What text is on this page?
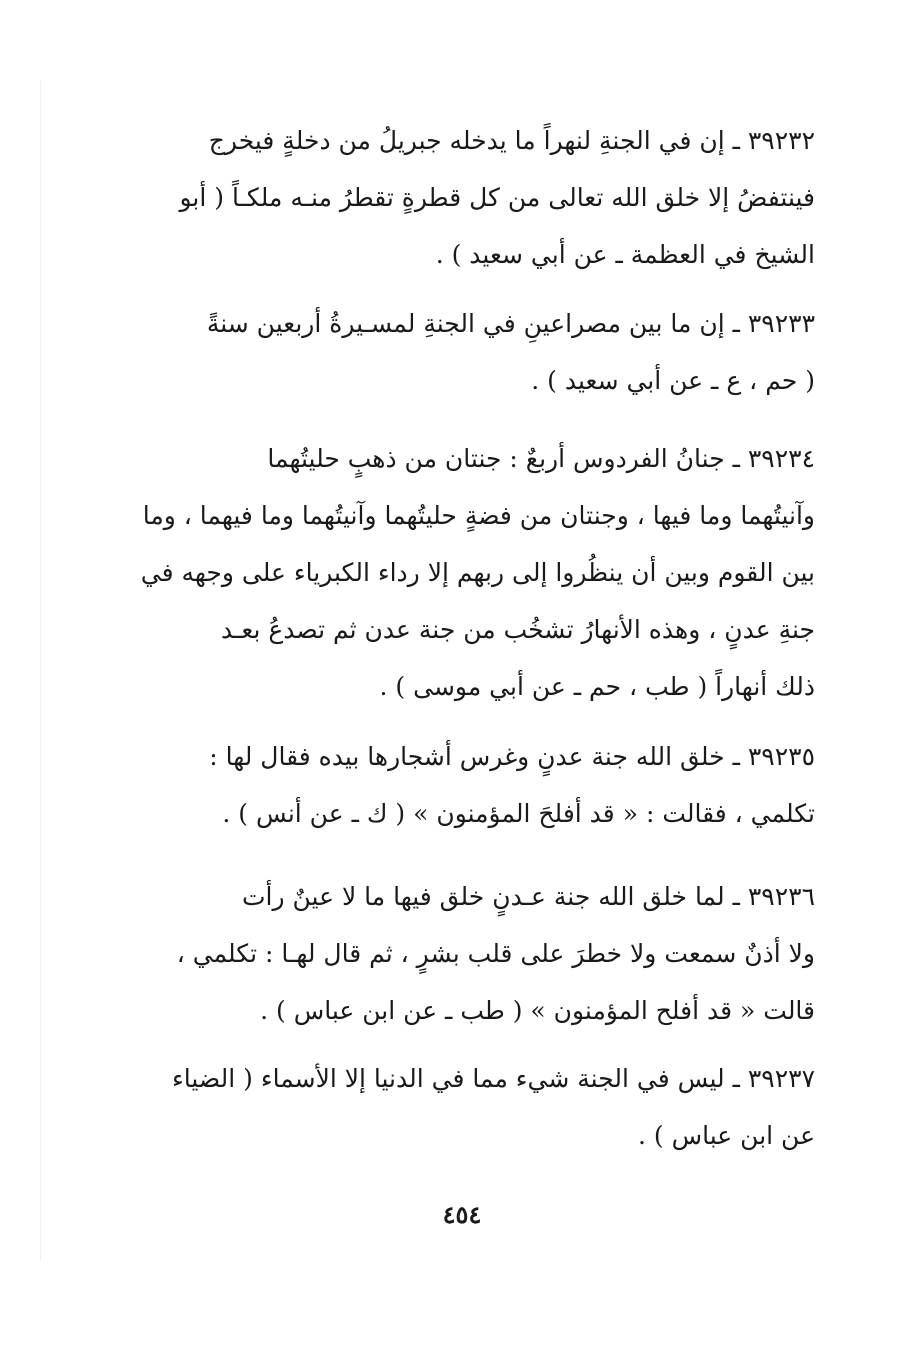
٣٩٢٣٢ ـ إن في الجنةِ لنهراً ما يدخله جبريلُ من دخلةٍ فيخرج
فينتفضُ إلا خلق الله تعالى من كل قطرةٍ تقطرُ منـه ملكـاً ( أبو
الشيخ في العظمة ـ عن أبي سعيد ) .
٣٩٢٣٣ ـ إن ما بين مصراعينِ في الجنةِ لمسـيرةُ أربعين سنةً
( حم ، ع ـ عن أبي سعيد ) .
٣٩٢٣٤ ـ جنانُ الفردوس أربعٌ : جنتان من ذهبٍ حليتُهما
وآنيتُهما وما فيها ، وجنتان من فضةٍ حليتُهما وآنيتُهما وما فيهما ، وما
بين القوم وبين أن ينظُروا إلى ربهم إلا رداء الكبرياء على وجهه في
جنةِ عدنٍ ، وهذه الأنهارُ تشخُب من جنة عدن ثم تصدعُ بعـد
ذلك أنهاراً ( طب ، حم ـ عن أبي موسى ) .
٣٩٢٣٥ ـ خلق الله جنة عدنٍ وغرس أشجارها بيده فقال لها :
تكلمي ، فقالت : « قد أفلحَ المؤمنون » ( ك ـ عن أنس ) .
٣٩٢٣٦ ـ لما خلق الله جنة عـدنٍ خلق فيها ما لا عينٌ رأت
ولا أذنٌ سمعت ولا خطرَ على قلب بشرٍ ، ثم قال لهـا : تكلمي ،
قالت « قد أفلح المؤمنون » ( طب ـ عن ابن عباس ) .
٣٩٢٣٧ ـ ليس في الجنة شيء مما في الدنيا إلا الأسماء ( الضياء
عن ابن عباس ) .
٤٥٤
